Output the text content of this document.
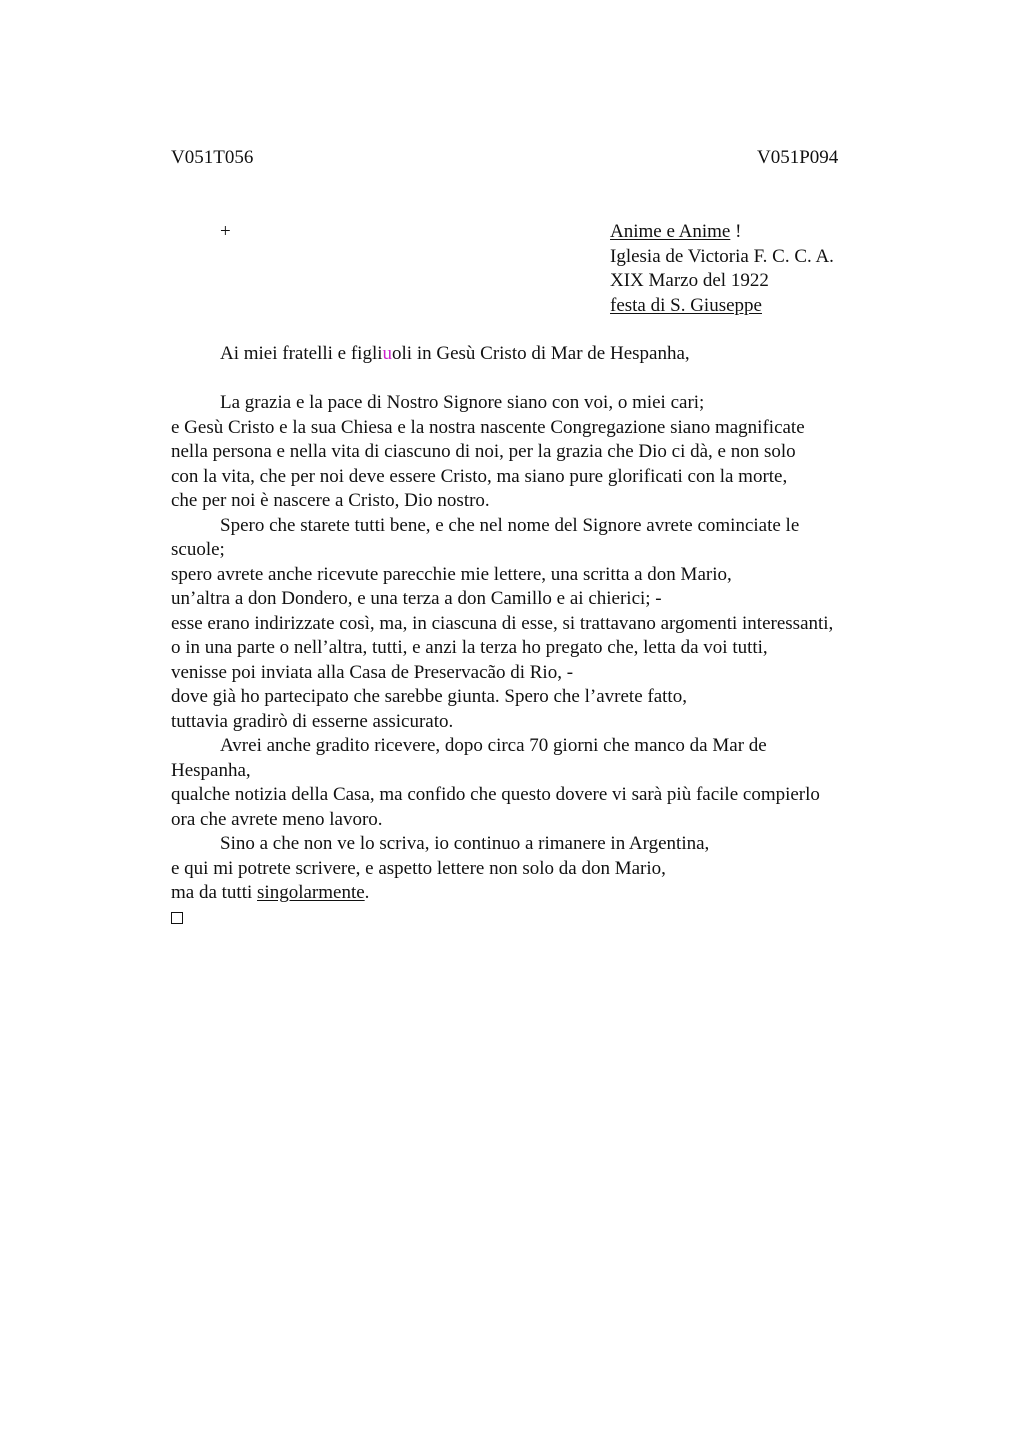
V051T056	V051P094
+	Anime e Anime !
Iglesia de Victoria F. C. C. A.
XIX Marzo del 1922
festa di S. Giuseppe
Ai miei fratelli e figliuoli in Gesù Cristo di Mar de Hespanha,
La grazia e la pace di Nostro Signore siano con voi, o miei cari;
e Gesù Cristo e la sua Chiesa e la nostra nascente Congregazione siano magnificate
nella persona e nella vita di ciascuno di noi, per la grazia che Dio ci dà, e non solo
con la vita, che per noi deve essere Cristo, ma siano pure glorificati con la morte,
che per noi è nascere a Cristo, Dio nostro.
Spero che starete tutti bene, e che nel nome del Signore avrete cominciate le
scuole;
spero avrete anche ricevute parecchie mie lettere, una scritta a don Mario,
un’altra a don Dondero, e una terza a don Camillo e ai chierici; -
esse erano indirizzate così, ma, in ciascuna di esse, si trattavano argomenti interessanti,
o in una parte o nell’altra, tutti, e anzi la terza ho pregato che, letta da voi tutti,
venisse poi inviata alla Casa de Preservacão di Rio, -
dove già ho partecipato che sarebbe giunta. Spero che l’avrete fatto,
tuttavia gradirò di esserne assicurato.
Avrei anche gradito ricevere, dopo circa 70 giorni che manco da Mar de
Hespanha,
qualche notizia della Casa, ma confido che questo dovere vi sarà più facile compierlo
ora che avrete meno lavoro.
Sino a che non ve lo scriva, io continuo a rimanere in Argentina,
e qui mi potrete scrivere, e aspetto lettere non solo da don Mario,
ma da tutti singolarmente.
